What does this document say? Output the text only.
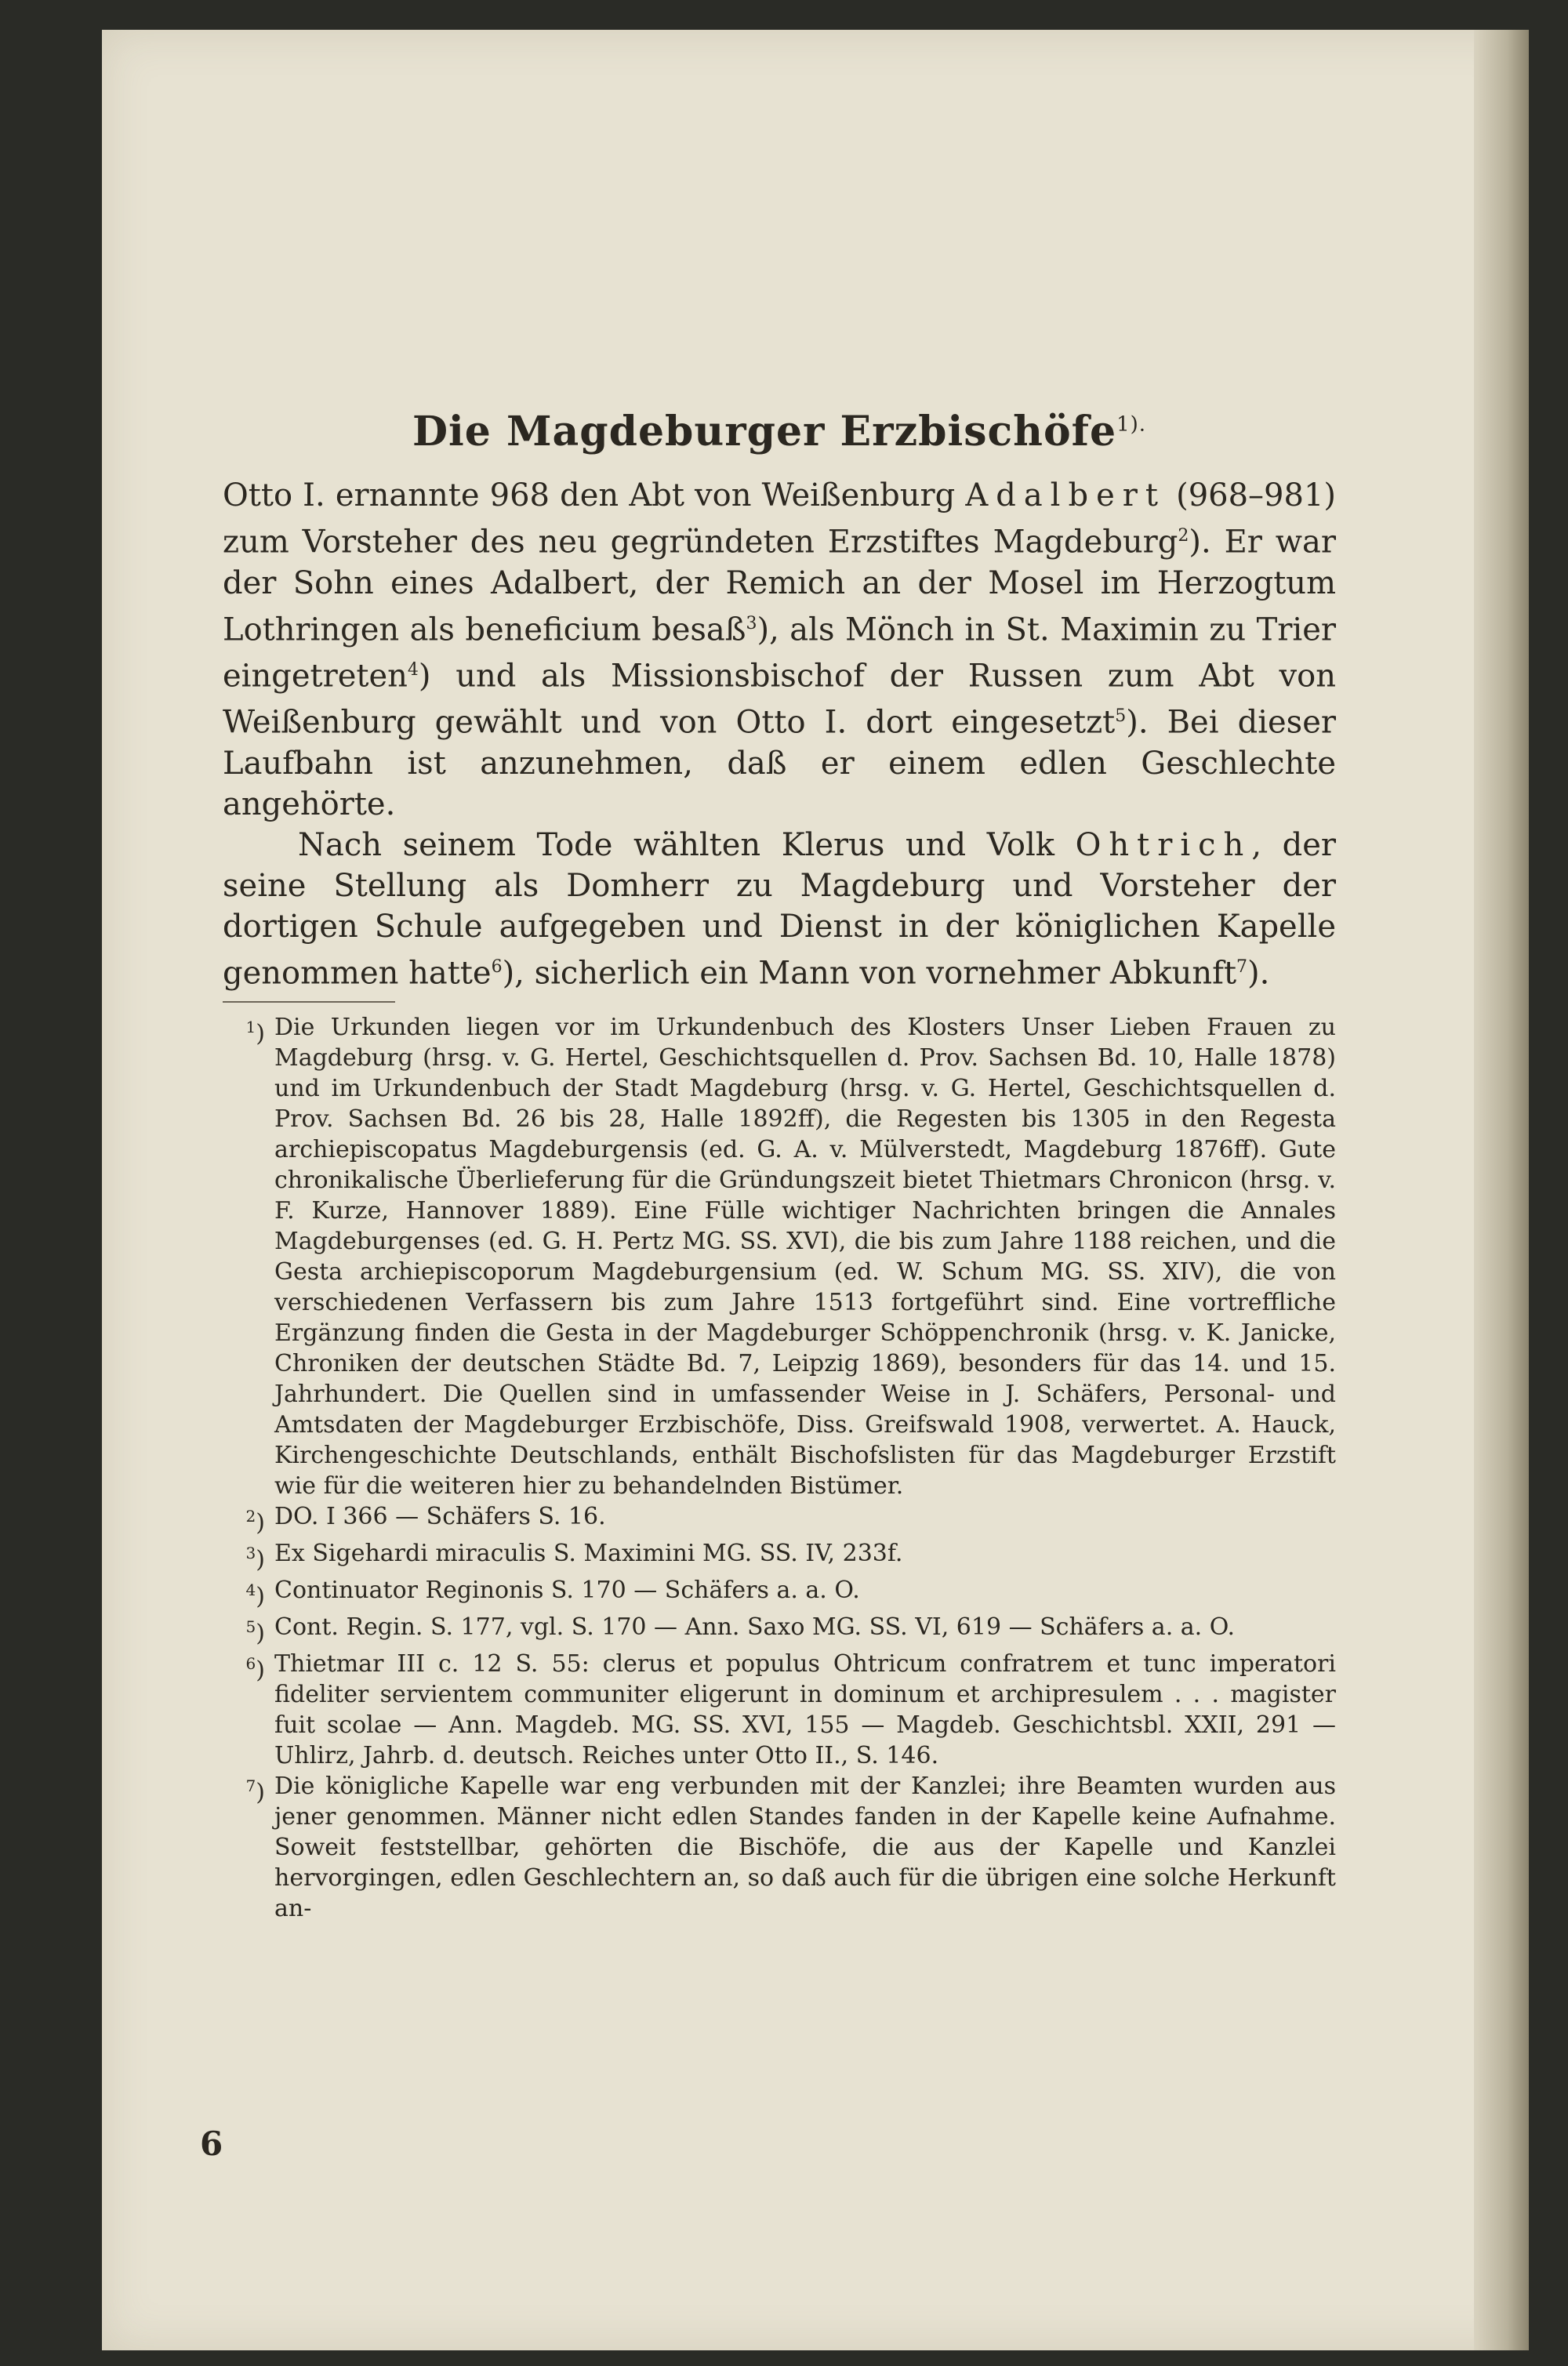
Die Magdeburger Erzbischöfe$^{1).}$

Otto I. ernannte 968 den Abt von Weißenburg Adalbert (968–981) zum Vorsteher des neu gegründeten Erzstiftes Magdeburg$^2$). Er war der Sohn eines Adalbert, der Remich an der Mosel im Herzogtum Lothringen als beneficium besaß$^3$), als Mönch in St. Maximin zu Trier eingetreten$^4$) und als Missionsbischof der Russen zum Abt von Weißenburg gewählt und von Otto I. dort eingesetzt$^5$). Bei dieser Laufbahn ist anzunehmen, daß er einem edlen Geschlechte angehörte.

Nach seinem Tode wählten Klerus und Volk Ohtrich, der seine Stellung als Domherr zu Magdeburg und Vorsteher der dortigen Schule aufgegeben und Dienst in der königlichen Kapelle genommen hatte$^6$), sicherlich ein Mann von vornehmer Abkunft$^7$).

$^1$) Die Urkunden liegen vor im Urkundenbuch des Klosters Unser Lieben Frauen zu Magdeburg (hrsg. v. G. Hertel, Geschichtsquellen d. Prov. Sachsen Bd. 10, Halle 1878) und im Urkundenbuch der Stadt Magdeburg (hrsg. v. G. Hertel, Geschichtsquellen d. Prov. Sachsen Bd. 26 bis 28, Halle 1892ff), die Regesten bis 1305 in den Regesta archiepiscopatus Magdeburgensis (ed. G. A. v. Mülverstedt, Magdeburg 1876ff). Gute chronikalische Überlieferung für die Gründungszeit bietet Thietmars Chronicon (hrsg. v. F. Kurze, Hannover 1889). Eine Fülle wichtiger Nachrichten bringen die Annales Magdeburgenses (ed. G. H. Pertz MG. SS. XVI), die bis zum Jahre 1188 reichen, und die Gesta archiepiscoporum Magdeburgensium (ed. W. Schum MG. SS. XIV), die von verschiedenen Verfassern bis zum Jahre 1513 fortgeführt sind. Eine vortreffliche Ergänzung finden die Gesta in der Magdeburger Schöppenchronik (hrsg. v. K. Janicke, Chroniken der deutschen Städte Bd. 7, Leipzig 1869), besonders für das 14. und 15. Jahrhundert. Die Quellen sind in umfassender Weise in J. Schäfers, Personal- und Amtsdaten der Magdeburger Erzbischöfe, Diss. Greifswald 1908, verwertet. A. Hauck, Kirchengeschichte Deutschlands, enthält Bischofslisten für das Magdeburger Erzstift wie für die weiteren hier zu behandelnden Bistümer.
$^2$) DO. I 366 — Schäfers S. 16.
$^3$) Ex Sigehardi miraculis S. Maximini MG. SS. IV, 233f.
$^4$) Continuator Reginonis S. 170 — Schäfers a. a. O.
$^5$) Cont. Regin. S. 177, vgl. S. 170 — Ann. Saxo MG. SS. VI, 619 — Schäfers a. a. O.
$^6$) Thietmar III c. 12 S. 55: clerus et populus Ohtricum confratrem et tunc imperatori fideliter servientem communiter eligerunt in dominum et archipresulem . . . magister fuit scolae — Ann. Magdeb. MG. SS. XVI, 155 — Magdeb. Geschichtsbl. XXII, 291 — Uhlirz, Jahrb. d. deutsch. Reiches unter Otto II., S. 146.
$^7$) Die königliche Kapelle war eng verbunden mit der Kanzlei; ihre Beamten wurden aus jener genommen. Männer nicht edlen Standes fanden in der Kapelle keine Aufnahme. Soweit feststellbar, gehörten die Bischöfe, die aus der Kapelle und Kanzlei hervorgingen, edlen Geschlechtern an, so daß auch für die übrigen eine solche Herkunft an-
6
